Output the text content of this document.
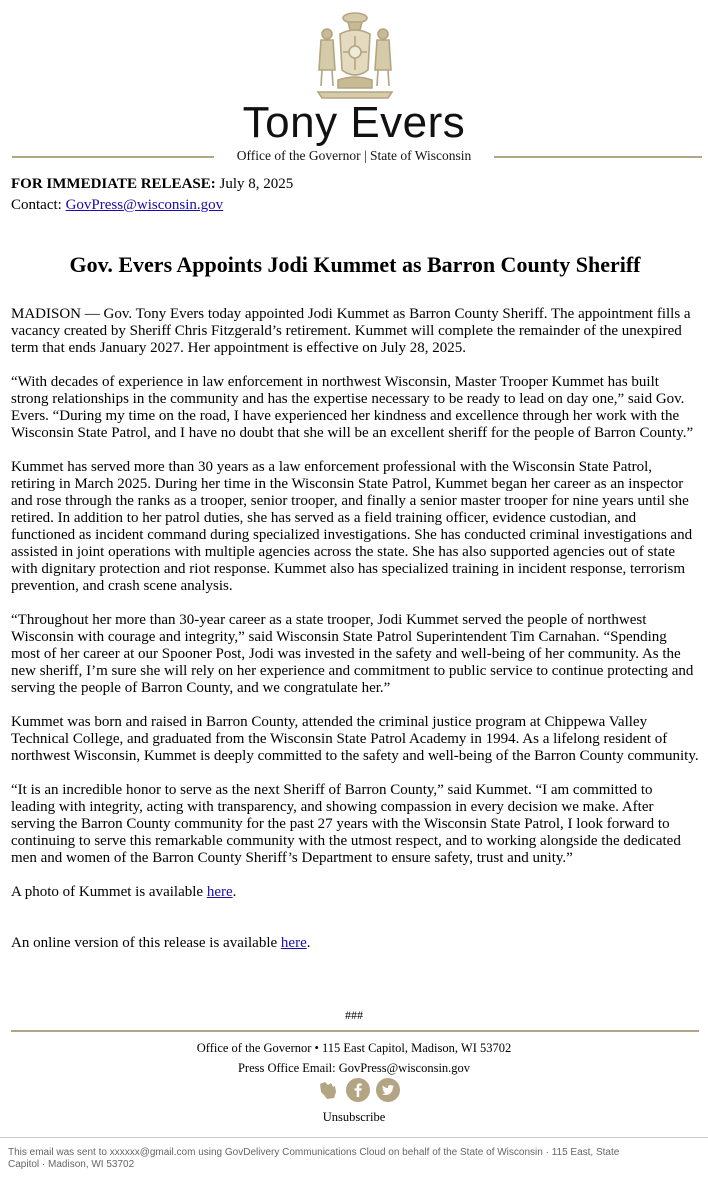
Tony Evers
Office of the Governor | State of Wisconsin
FOR IMMEDIATE RELEASE: July 8, 2025
Contact: GovPress@wisconsin.gov
Gov. Evers Appoints Jodi Kummet as Barron County Sheriff

MADISON — Gov. Tony Evers today appointed Jodi Kummet as Barron County Sheriff. The appointment fills a vacancy created by Sheriff Chris Fitzgerald’s retirement. Kummet will complete the remainder of the unexpired term that ends January 2027. Her appointment is effective on July 28, 2025.

“With decades of experience in law enforcement in northwest Wisconsin, Master Trooper Kummet has built strong relationships in the community and has the expertise necessary to be ready to lead on day one,” said Gov. Evers. “During my time on the road, I have experienced her kindness and excellence through her work with the Wisconsin State Patrol, and I have no doubt that she will be an excellent sheriff for the people of Barron County.”

Kummet has served more than 30 years as a law enforcement professional with the Wisconsin State Patrol, retiring in March 2025. During her time in the Wisconsin State Patrol, Kummet began her career as an inspector and rose through the ranks as a trooper, senior trooper, and finally a senior master trooper for nine years until she retired. In addition to her patrol duties, she has served as a field training officer, evidence custodian, and functioned as incident command during specialized investigations. She has conducted criminal investigations and assisted in joint operations with multiple agencies across the state. She has also supported agencies out of state with dignitary protection and riot response. Kummet also has specialized training in incident response, terrorism prevention, and crash scene analysis.

“Throughout her more than 30-year career as a state trooper, Jodi Kummet served the people of northwest Wisconsin with courage and integrity,” said Wisconsin State Patrol Superintendent Tim Carnahan. “Spending most of her career at our Spooner Post, Jodi was invested in the safety and well-being of her community. As the new sheriff, I’m sure she will rely on her experience and commitment to public service to continue protecting and serving the people of Barron County, and we congratulate her.”

Kummet was born and raised in Barron County, attended the criminal justice program at Chippewa Valley Technical College, and graduated from the Wisconsin State Patrol Academy in 1994. As a lifelong resident of northwest Wisconsin, Kummet is deeply committed to the safety and well-being of the Barron County community.

“It is an incredible honor to serve as the next Sheriff of Barron County,” said Kummet. “I am committed to leading with integrity, acting with transparency, and showing compassion in every decision we make. After serving the Barron County community for the past 27 years with the Wisconsin State Patrol, I look forward to continuing to serve this remarkable community with the utmost respect, and to working alongside the dedicated men and women of the Barron County Sheriff’s Department to ensure safety, trust and unity.”

A photo of Kummet is available here.

An online version of this release is available here.

###
Office of the Governor • 115 East Capitol, Madison, WI 53702
Press Office Email: GovPress@wisconsin.gov
Unsubscribe
This email was sent to xxxxxx@gmail.com using GovDelivery Communications Cloud on behalf of the State of Wisconsin · 115 East, State Capitol · Madison, WI 53702
